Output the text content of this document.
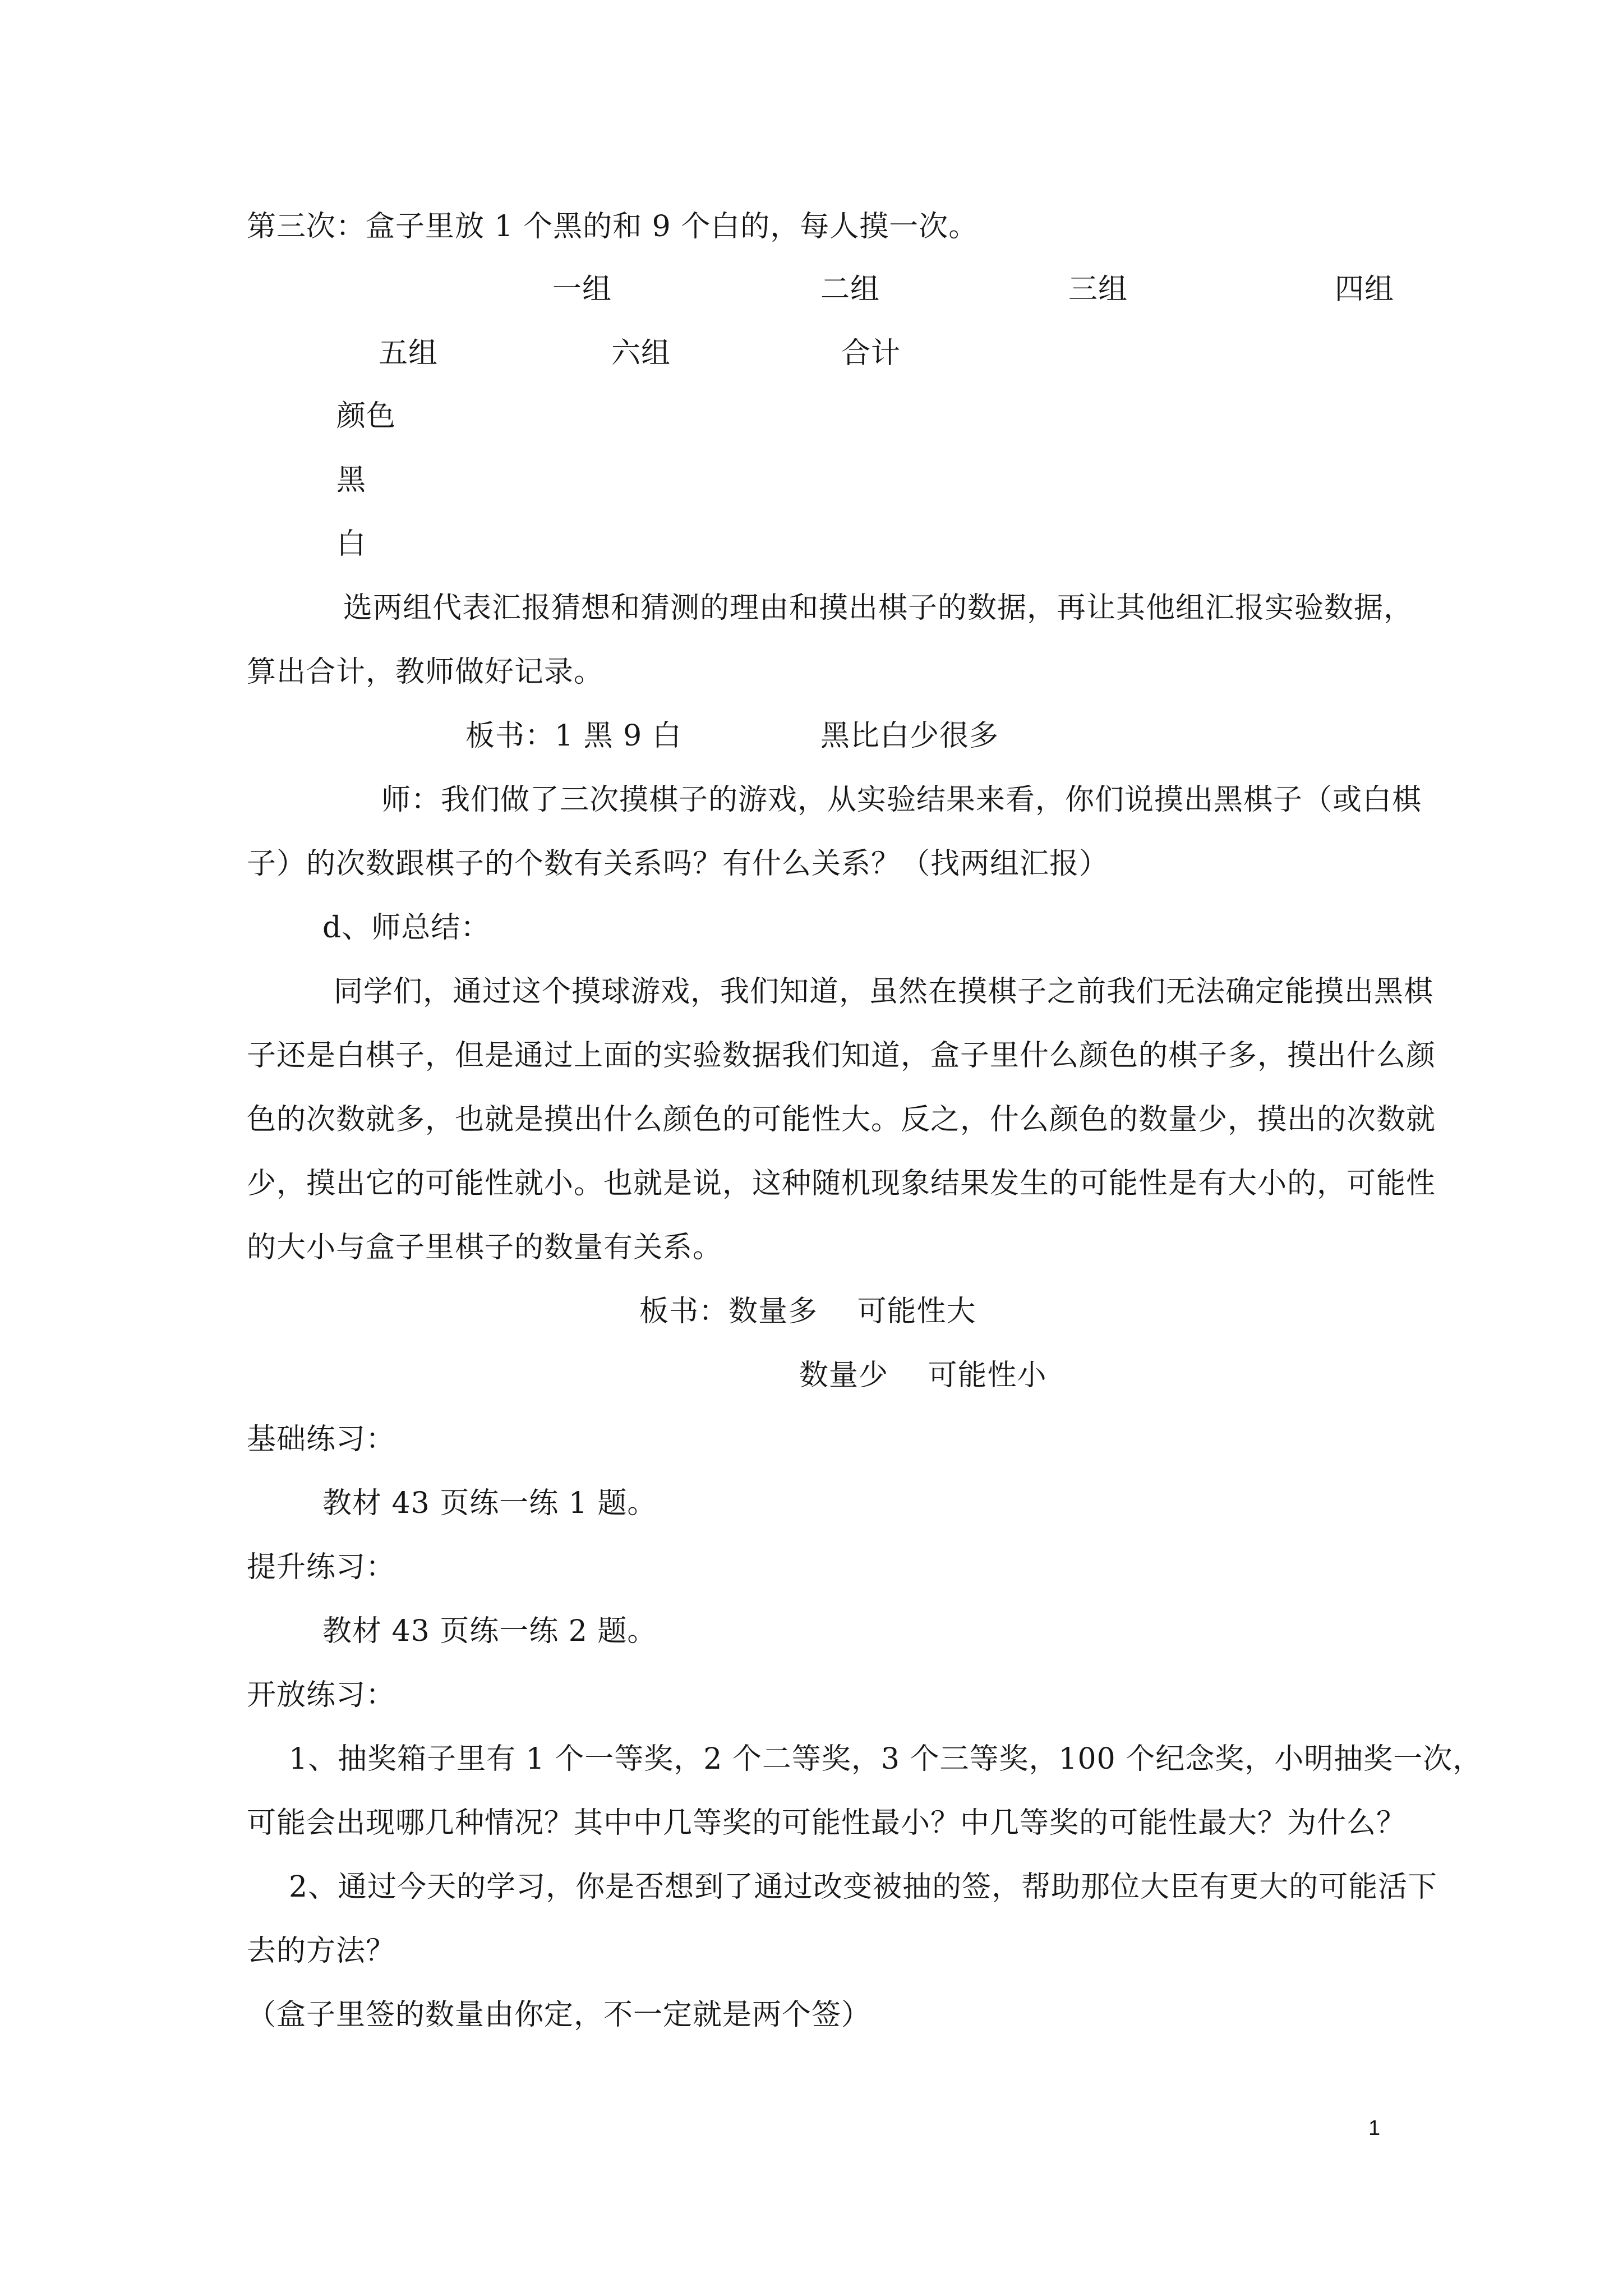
第三次：盒子里放 1 个黑的和 9 个白的，每人摸一次。
一组	二组	三组	四组
五组	六组	合计
颜色
黑
白
选两组代表汇报猜想和猜测的理由和摸出棋子的数据，再让其他组汇报实验数据，
算出合计，教师做好记录。
板书：1 黑 9 白	黑比白少很多
师：我们做了三次摸棋子的游戏，从实验结果来看，你们说摸出黑棋子（或白棋
子）的次数跟棋子的个数有关系吗？有什么关系？（找两组汇报）
d、师总结：
同学们，通过这个摸球游戏，我们知道，虽然在摸棋子之前我们无法确定能摸出黑棋
子还是白棋子，但是通过上面的实验数据我们知道，盒子里什么颜色的棋子多，摸出什么颜
色的次数就多，也就是摸出什么颜色的可能性大。反之，什么颜色的数量少，摸出的次数就
少，摸出它的可能性就小。也就是说，这种随机现象结果发生的可能性是有大小的，可能性
的大小与盒子里棋子的数量有关系。
板书：数量多　 可能性大
数量少　 可能性小
基础练习：
教材 43 页练一练 1 题。
提升练习：
教材 43 页练一练 2 题。
开放练习：
1、抽奖箱子里有 1 个一等奖，2 个二等奖，3 个三等奖，100 个纪念奖，小明抽奖一次，
可能会出现哪几种情况？其中中几等奖的可能性最小？中几等奖的可能性最大？为什么？
2、通过今天的学习，你是否想到了通过改变被抽的签，帮助那位大臣有更大的可能活下
去的方法？
（盒子里签的数量由你定，不一定就是两个签）
1
